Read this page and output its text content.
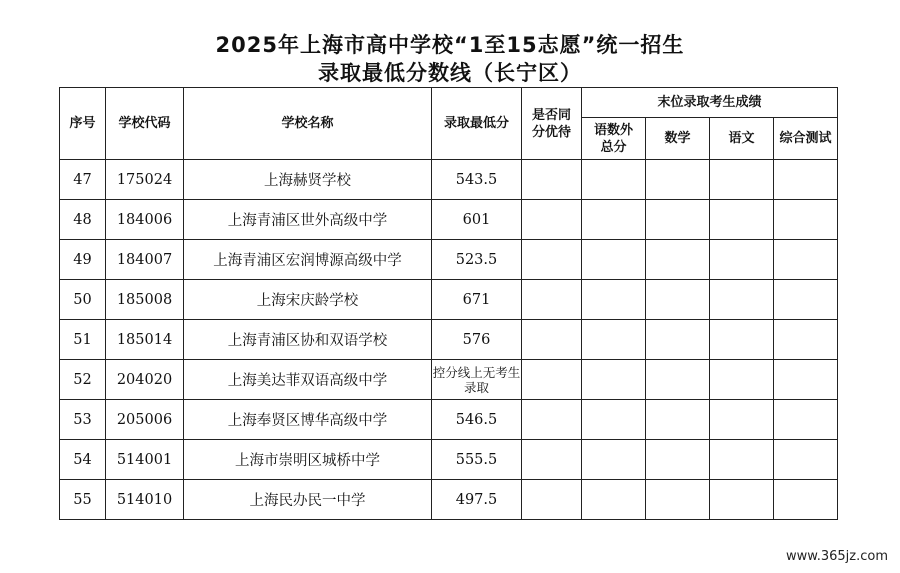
2025年上海市高中学校“1至15志愿”统一招生
录取最低分数线（长宁区）
序号	学校代码	学校名称	录取最低分	是否同分优待	末位录取考生成绩			

					语数外总分	数学	语文	综合测试
47	175024	上海赫贤学校	543.5					
48	184006	上海青浦区世外高级中学	601					
49	184007	上海青浦区宏润博源高级中学	523.5					
50	185008	上海宋庆龄学校	671					
51	185014	上海青浦区协和双语学校	576					
52	204020	上海美达菲双语高级中学	控分线上无考生录取					
53	205006	上海奉贤区博华高级中学	546.5					
54	514001	上海市崇明区城桥中学	555.5					
55	514010	上海民办民一中学	497.5					
www.365jz.com
